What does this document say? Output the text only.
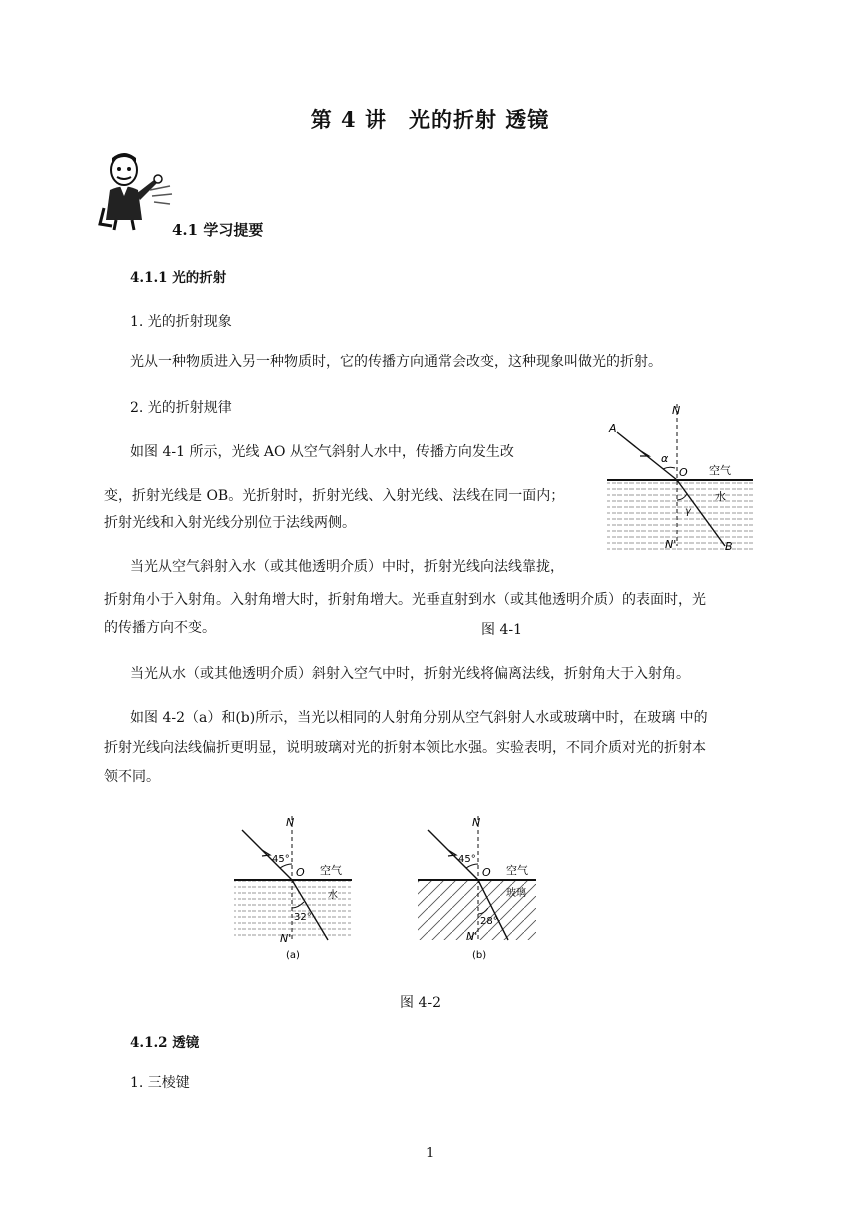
第 4 讲　光的折射 透镜
4.1 学习提要
4.1.1 光的折射
1. 光的折射现象
光从一种物质进入另一种物质时，它的传播方向通常会改变，这种现象叫做光的折射。
2. 光的折射规律
如图 4-1 所示，光线 AO 从空气斜射人水中，传播方向发生改
变，折射光线是 OB。光折射时，折射光线、入射光线、法线在同一面内；
折射光线和入射光线分别位于法线两侧。
当光从空气斜射入水（或其他透明介质）中时，折射光线向法线靠拢，
折射角小于入射角。入射角增大时，折射角增大。光垂直射到水（或其他透明介质）的表面时，光
的传播方向不变。	图 4-1
N
A
α
O 空气
水
γ
N'	B
当光从水（或其他透明介质）斜射入空气中时，折射光线将偏离法线，折射角大于入射角。
如图 4-2（a）和(b)所示，当光以相同的人射角分别从空气斜射人水或玻璃中时，在玻璃 中的
折射光线向法线偏折更明显，说明玻璃对光的折射本领比水强。实验表明，不同介质对光的折射本
领不同。
N
45°
O 空气
水
32°
N'
(a)
N
45°
O 空气
玻璃
28°
N'
(b)
图 4-2
4.1.2 透镜
1. 三棱键
1
